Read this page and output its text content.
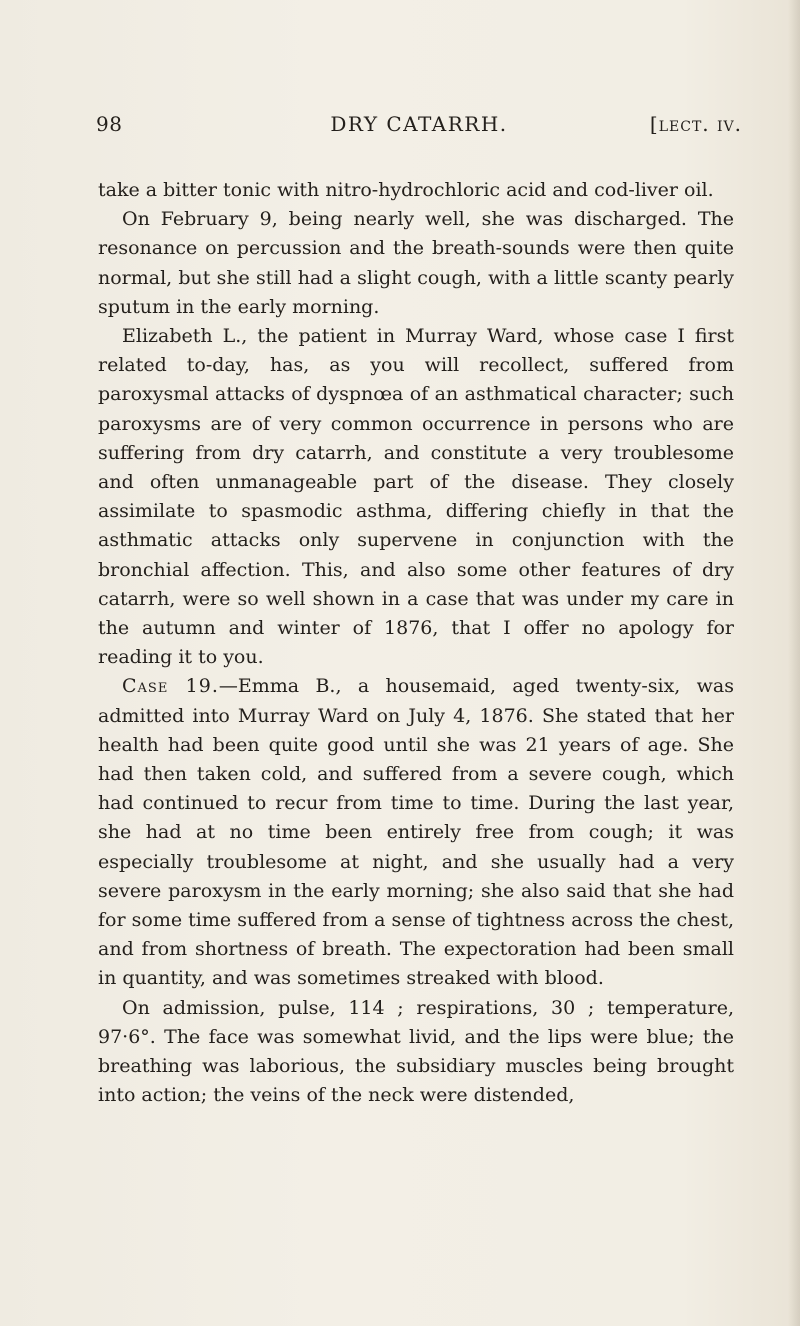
98	DRY CATARRH.	[lect. iv.

take a bitter tonic with nitro-hydrochloric acid and cod-liver oil.

On February 9, being nearly well, she was discharged. The resonance on percussion and the breath-sounds were then quite normal, but she still had a slight cough, with a little scanty pearly sputum in the early morning.

Elizabeth L., the patient in Murray Ward, whose case I first related to-day, has, as you will recollect, suffered from paroxysmal attacks of dyspnœa of an asthmatical character; such paroxysms are of very common occurrence in persons who are suffering from dry catarrh, and constitute a very troublesome and often unmanageable part of the disease. They closely assimilate to spasmodic asthma, differing chiefly in that the asthmatic attacks only supervene in conjunction with the bronchial affection. This, and also some other features of dry catarrh, were so well shown in a case that was under my care in the autumn and winter of 1876, that I offer no apology for reading it to you.

Case 19.—Emma B., a housemaid, aged twenty-six, was admitted into Murray Ward on July 4, 1876. She stated that her health had been quite good until she was 21 years of age. She had then taken cold, and suffered from a severe cough, which had continued to recur from time to time. During the last year, she had at no time been entirely free from cough; it was especially troublesome at night, and she usually had a very severe paroxysm in the early morning; she also said that she had for some time suffered from a sense of tightness across the chest, and from shortness of breath. The expectoration had been small in quantity, and was sometimes streaked with blood.

On admission, pulse, 114 ; respirations, 30 ; temperature, 97·6°. The face was somewhat livid, and the lips were blue; the breathing was laborious, the subsidiary muscles being brought into action; the veins of the neck were distended,
